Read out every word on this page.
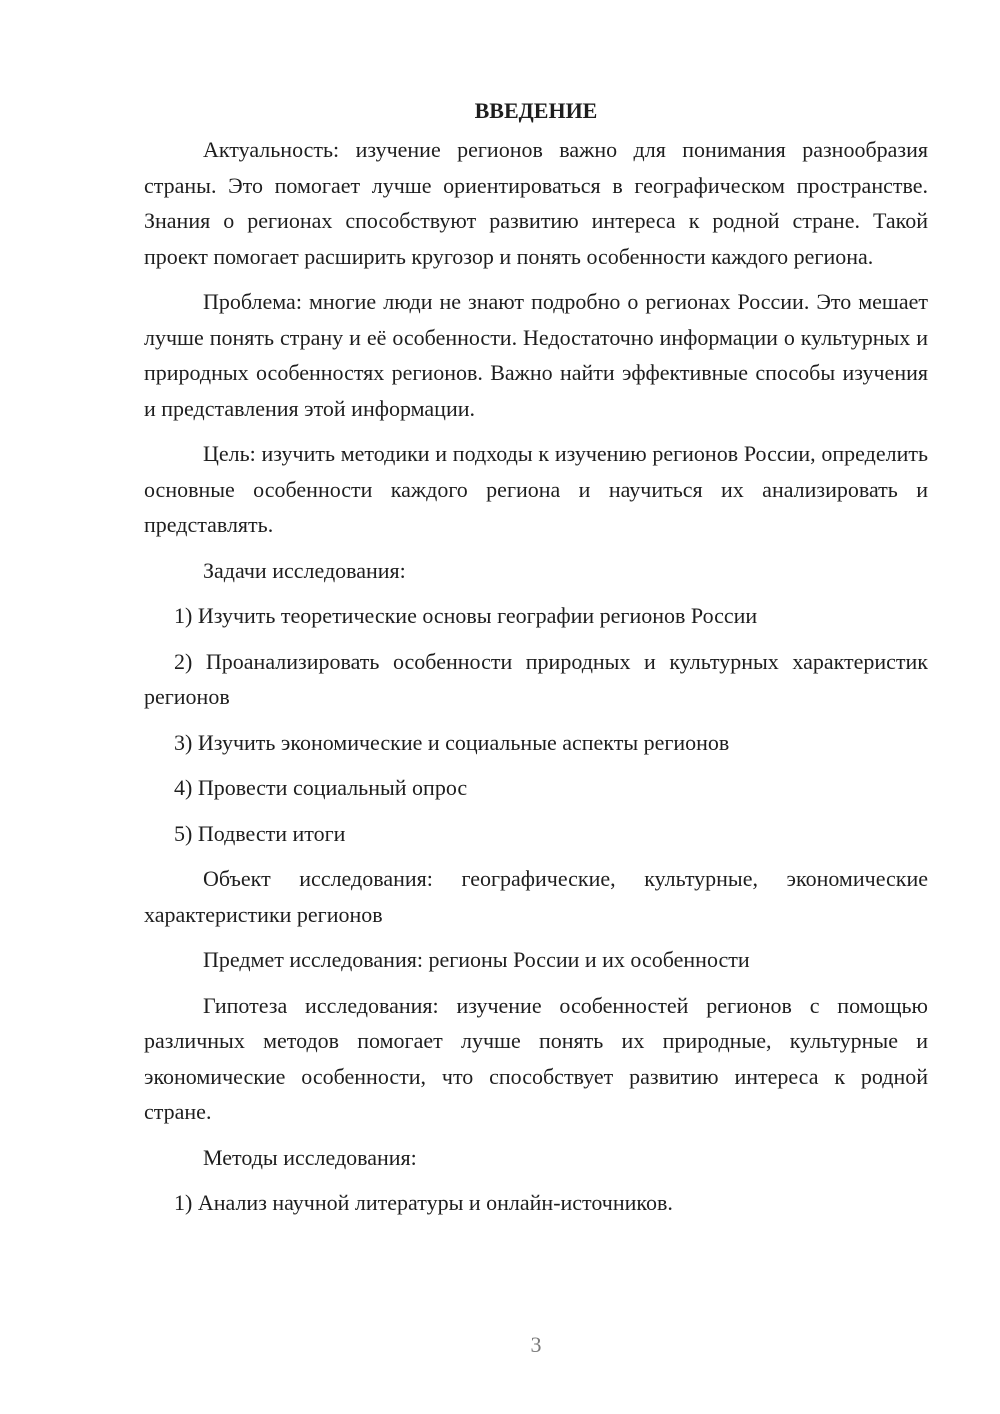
ВВЕДЕНИЕ
Актуальность: изучение регионов важно для понимания разнообразия страны. Это помогает лучше ориентироваться в географическом пространстве. Знания о регионах способствуют развитию интереса к родной стране. Такой проект помогает расширить кругозор и понять особенности каждого региона.
Проблема: многие люди не знают подробно о регионах России. Это мешает лучше понять страну и её особенности. Недостаточно информации о культурных и природных особенностях регионов. Важно найти эффективные способы изучения и представления этой информации.
Цель: изучить методики и подходы к изучению регионов России, определить основные особенности каждого региона и научиться их анализировать и представлять.
Задачи исследования:
1) Изучить теоретические основы географии регионов России
2) Проанализировать особенности природных и культурных характеристик регионов
3) Изучить экономические и социальные аспекты регионов
4) Провести социальный опрос
5) Подвести итоги
Объект исследования: географические, культурные, экономические характеристики регионов
Предмет исследования: регионы России и их особенности
Гипотеза исследования: изучение особенностей регионов с помощью различных методов помогает лучше понять их природные, культурные и экономические особенности, что способствует развитию интереса к родной стране.
Методы исследования:
1) Анализ научной литературы и онлайн-источников.
3
